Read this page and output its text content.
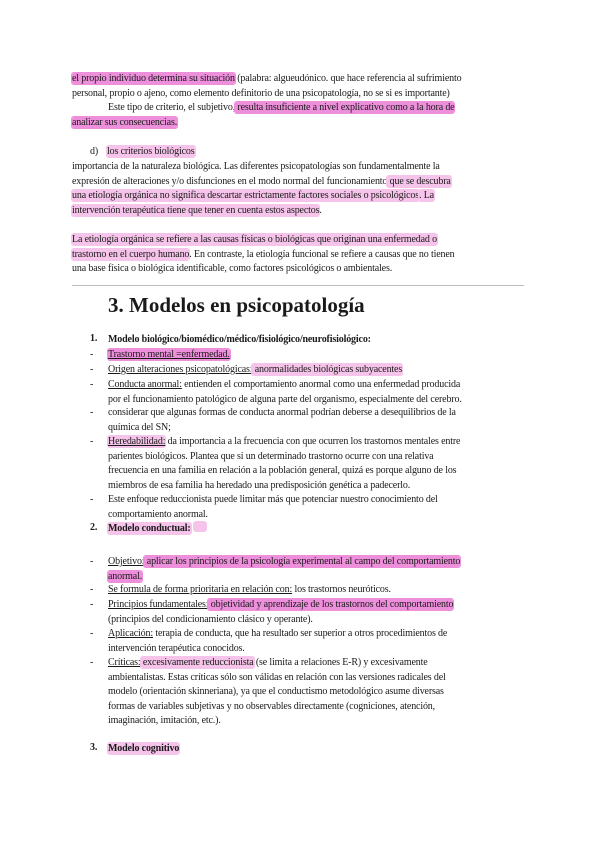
el propio individuo determina su situación (palabra: algueudónico. que hace referencia al sufrimiento
personal, propio o ajeno, como elemento definitorio de una psicopatología, no se si es importante)
Este tipo de criterio, el subjetivo, resulta insuficiente a nivel explicativo como a la hora de
analizar sus consecuencias.
d) los criterios biológicos
importancia de la naturaleza biológica. Las diferentes psicopatologías son fundamentalmente la
expresión de alteraciones y/o disfunciones en el modo normal del funcionamiento que se descubra
una etiología orgánica no significa descartar estrictamente factores sociales o psicológicos. La
intervención terapéutica tiene que tener en cuenta estos aspectos.
La etiología orgánica se refiere a las causas físicas o biológicas que originan una enfermedad o
trastorno en el cuerpo humano. En contraste, la etiología funcional se refiere a causas que no tienen
una base física o biológica identificable, como factores psicológicos o ambientales.
3. Modelos en psicopatología
1. Modelo biológico/biomédico/médico/fisiológico/neurofisiológico:
-	Trastorno mental =enfermedad.
-	Origen alteraciones psicopatológicas: anormalidades biológicas subyacentes
-	Conducta anormal: entienden el comportamiento anormal como una enfermedad producida
por el funcionamiento patológico de alguna parte del organismo, especialmente del cerebro.
-	considerar que algunas formas de conducta anormal podrían deberse a desequilibrios de la
química del SN;
-	Heredabilidad: da importancia a la frecuencia con que ocurren los trastornos mentales entre
parientes biológicos. Plantea que si un determinado trastorno ocurre con una relativa
frecuencia en una familia en relación a la población general, quizá es porque alguno de los
miembros de esa familia ha heredado una predisposición genética a padecerlo.
-	Este enfoque reduccionista puede limitar más que potenciar nuestro conocimiento del
comportamiento anormal.
2. Modelo conductual:
-	Objetivo: aplicar los principios de la psicología experimental al campo del comportamiento
anormal.
-	Se formula de forma prioritaria en relación con: los trastornos neuróticos.
-	Principios fundamentales: objetividad y aprendizaje de los trastornos del comportamiento
(principios del condicionamiento clásico y operante).
-	Aplicación: terapia de conducta, que ha resultado ser superior a otros procedimientos de
intervención terapéutica conocidos.
-	Críticas: excesivamente reduccionista (se limita a relaciones E-R) y excesivamente
ambientalistas. Estas críticas sólo son válidas en relación con las versiones radicales del
modelo (orientación skinneriana), ya que el conductismo metodológico asume diversas
formas de variables subjetivas y no observables directamente (cogniciones, atención,
imaginación, imitación, etc.).
3. Modelo cognitivo
